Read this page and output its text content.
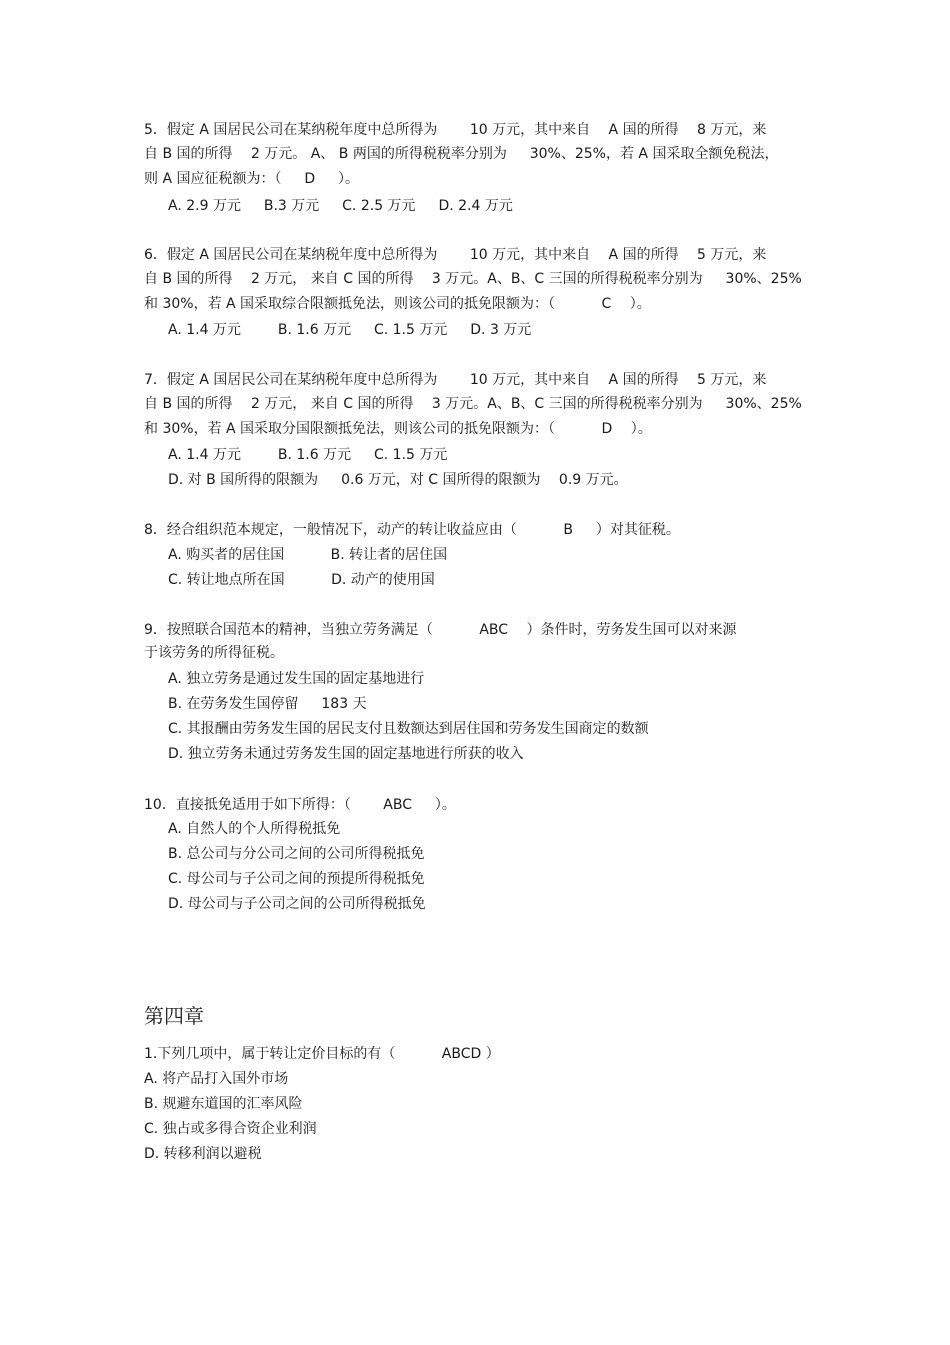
5．假定 A 国居民公司在某纳税年度中总所得为 　　10 万元，其中来自 　A 国的所得 　8 万元，来
自 B 国的所得 　2 万元。 A、 B 两国的所得税税率分别为 　 30%、25%，若 A 国采取全额免税法，
则 A 国应征税额为：（ 　 D 　 ）。
A. 2.9 万元 　 B.3 万元 　 C. 2.5 万元 　 D. 2.4 万元
6．假定 A 国居民公司在某纳税年度中总所得为 　　10 万元，其中来自 　A 国的所得 　5 万元，来
自 B 国的所得 　2 万元， 来自 C 国的所得 　3 万元。A、B、C 三国的所得税税率分别为 　 30%、25%
和 30%，若 A 国采取综合限额抵免法，则该公司的抵免限额为：（ 　　　C 　）。
A. 1.4 万元 　 　B. 1.6 万元 　 C. 1.5 万元 　 D. 3 万元
7．假定 A 国居民公司在某纳税年度中总所得为 　　10 万元，其中来自 　A 国的所得 　5 万元，来
自 B 国的所得 　2 万元， 来自 C 国的所得 　3 万元。A、B、C 三国的所得税税率分别为 　 30%、25%
和 30%，若 A 国采取分国限额抵免法，则该公司的抵免限额为：（ 　　　D 　）。
A. 1.4 万元 　 　B. 1.6 万元 　 C. 1.5 万元
D. 对 B 国所得的限额为 　 0.6 万元，对 C 国所得的限额为 　0.9 万元。
8．经合组织范本规定，一般情况下，动产的转让收益应由（ 　　　B 　 ）对其征税。
A. 购买者的居住国 　　　B. 转让者的居住国
C. 转让地点所在国 　　　D. 动产的使用国
9．按照联合国范本的精神，当独立劳务满足（ 　　　ABC 　）条件时，劳务发生国可以对来源
于该劳务的所得征税。
A. 独立劳务是通过发生国的固定基地进行
B. 在劳务发生国停留 　 183 天
C. 其报酬由劳务发生国的居民支付且数额达到居住国和劳务发生国商定的数额
D. 独立劳务未通过劳务发生国的固定基地进行所获的收入
10．直接抵免适用于如下所得：（ 　　ABC 　 ）。
A. 自然人的个人所得税抵免
B. 总公司与分公司之间的公司所得税抵免
C. 母公司与子公司之间的预提所得税抵免
D. 母公司与子公司之间的公司所得税抵免
第四章
1.下列几项中，属于转让定价目标的有（ 　　　ABCD ）
A. 将产品打入国外市场
B. 规避东道国的汇率风险
C. 独占或多得合资企业利润
D. 转移利润以避税
